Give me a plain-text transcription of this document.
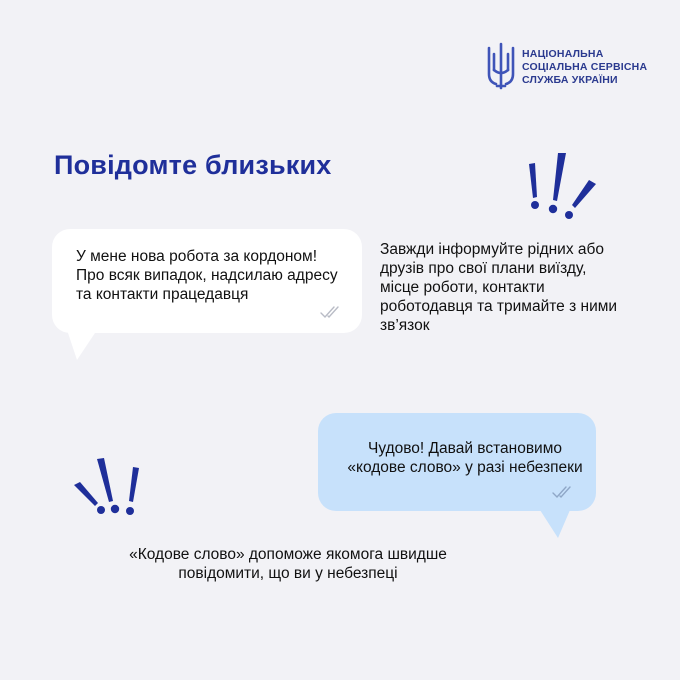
НАЦІОНАЛЬНА
СОЦІАЛЬНА СЕРВІСНА
СЛУЖБА УКРАЇНИ
Повідомте близьких
У мене нова робота за кордоном! Про всяк випадок, надсилаю адресу та контакти працедавця
Завжди інформуйте рідних або друзів про свої плани виїзду, місце роботи, контакти роботодавця та тримайте з ними зв’язок
Чудово! Давай встановимо «кодове слово» у разі небезпеки
«Кодове слово» допоможе якомога швидше повідомити, що ви у небезпеці
